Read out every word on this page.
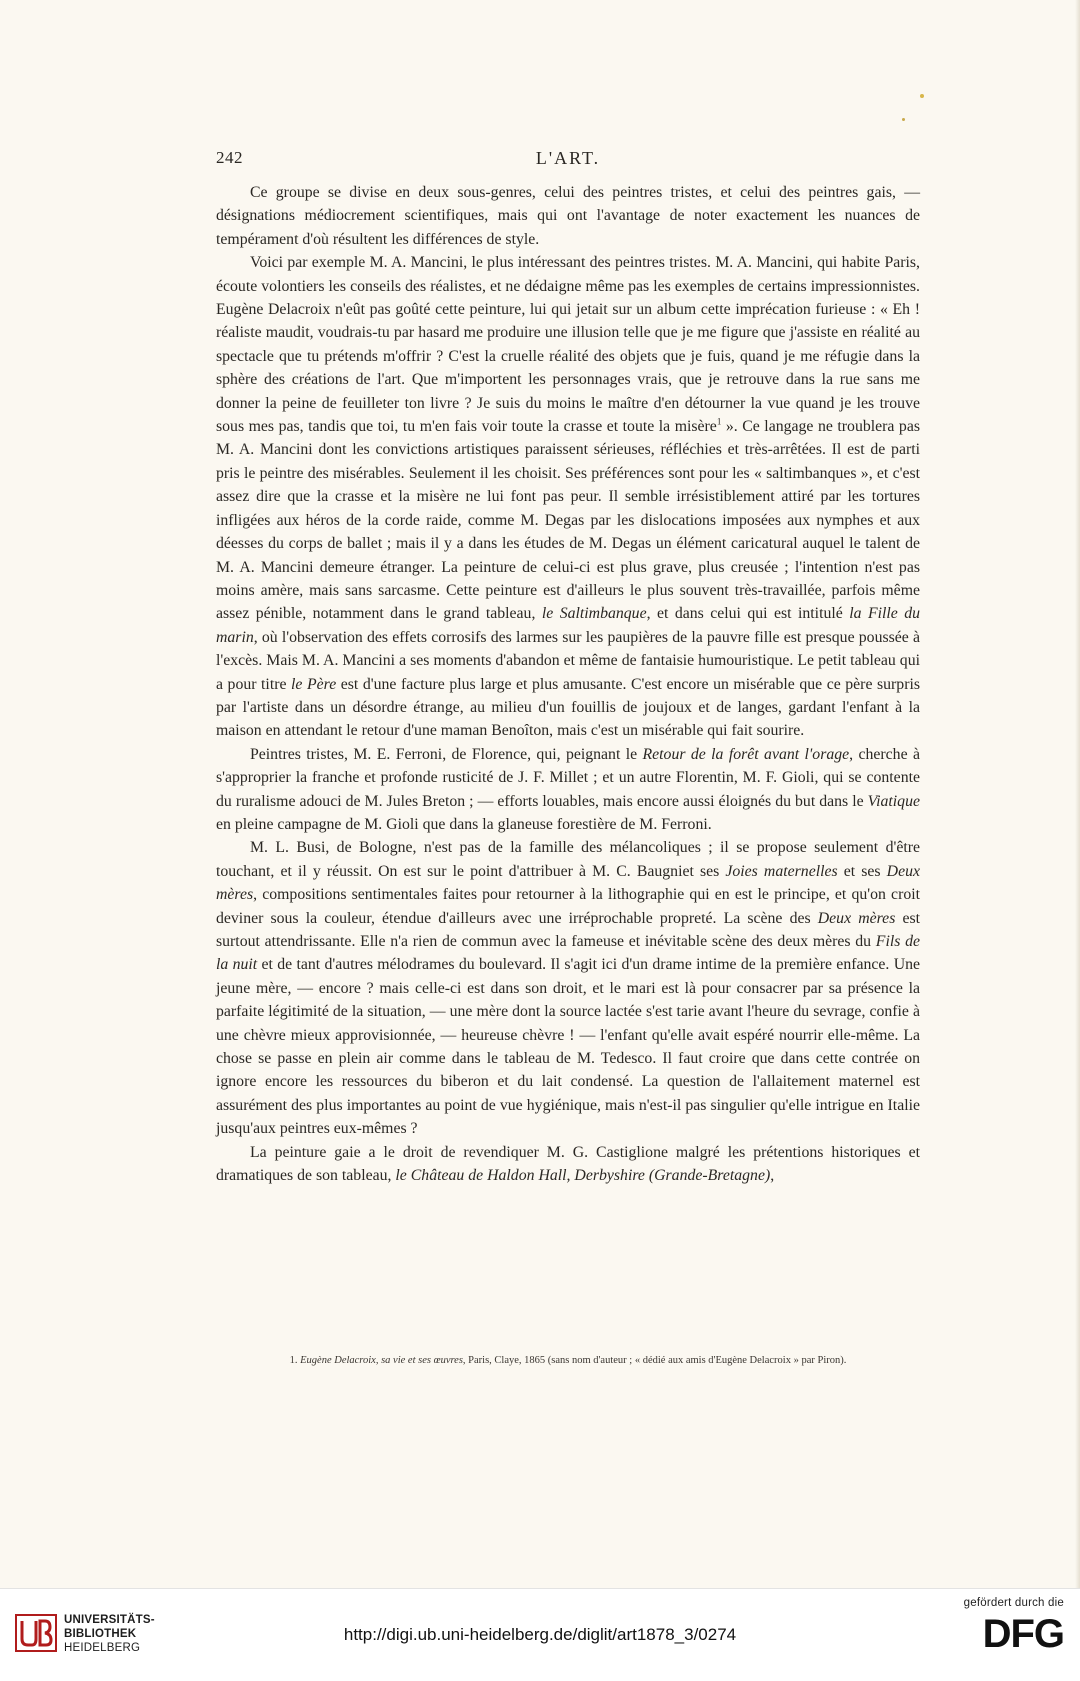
242	L'ART.

Ce groupe se divise en deux sous-genres, celui des peintres tristes, et celui des peintres gais, — désignations médiocrement scientifiques, mais qui ont l'avantage de noter exactement les nuances de tempérament d'où résultent les différences de style.

Voici par exemple M. A. Mancini, le plus intéressant des peintres tristes. M. A. Mancini, qui habite Paris, écoute volontiers les conseils des réalistes, et ne dédaigne même pas les exemples de certains impressionnistes. Eugène Delacroix n'eût pas goûté cette peinture, lui qui jetait sur un album cette imprécation furieuse : « Eh ! réaliste maudit, voudrais-tu par hasard me produire une illusion telle que je me figure que j'assiste en réalité au spectacle que tu prétends m'offrir ? C'est la cruelle réalité des objets que je fuis, quand je me réfugie dans la sphère des créations de l'art. Que m'importent les personnages vrais, que je retrouve dans la rue sans me donner la peine de feuilleter ton livre ? Je suis du moins le maître d'en détourner la vue quand je les trouve sous mes pas, tandis que toi, tu m'en fais voir toute la crasse et toute la misère$^1$ ». Ce langage ne troublera pas M. A. Mancini dont les convictions artistiques paraissent sérieuses, réfléchies et très-arrêtées. Il est de parti pris le peintre des misérables. Seulement il les choisit. Ses préférences sont pour les « saltimbanques », et c'est assez dire que la crasse et la misère ne lui font pas peur. Il semble irrésistiblement attiré par les tortures infligées aux héros de la corde raide, comme M. Degas par les dislocations imposées aux nymphes et aux déesses du corps de ballet ; mais il y a dans les études de M. Degas un élément caricatural auquel le talent de M. A. Mancini demeure étranger. La peinture de celui-ci est plus grave, plus creusée ; l'intention n'est pas moins amère, mais sans sarcasme. Cette peinture est d'ailleurs le plus souvent très-travaillée, parfois même assez pénible, notamment dans le grand tableau, le Saltimbanque, et dans celui qui est intitulé la Fille du marin, où l'observation des effets corrosifs des larmes sur les paupières de la pauvre fille est presque poussée à l'excès. Mais M. A. Mancini a ses moments d'abandon et même de fantaisie humouristique. Le petit tableau qui a pour titre le Père est d'une facture plus large et plus amusante. C'est encore un misérable que ce père surpris par l'artiste dans un désordre étrange, au milieu d'un fouillis de joujoux et de langes, gardant l'enfant à la maison en attendant le retour d'une maman Benoîton, mais c'est un misérable qui fait sourire.

Peintres tristes, M. E. Ferroni, de Florence, qui, peignant le Retour de la forêt avant l'orage, cherche à s'approprier la franche et profonde rusticité de J. F. Millet ; et un autre Florentin, M. F. Gioli, qui se contente du ruralisme adouci de M. Jules Breton ; — efforts louables, mais encore aussi éloignés du but dans le Viatique en pleine campagne de M. Gioli que dans la glaneuse forestière de M. Ferroni.

M. L. Busi, de Bologne, n'est pas de la famille des mélancoliques ; il se propose seulement d'être touchant, et il y réussit. On est sur le point d'attribuer à M. C. Baugniet ses Joies maternelles et ses Deux mères, compositions sentimentales faites pour retourner à la lithographie qui en est le principe, et qu'on croit deviner sous la couleur, étendue d'ailleurs avec une irréprochable propreté. La scène des Deux mères est surtout attendrissante. Elle n'a rien de commun avec la fameuse et inévitable scène des deux mères du Fils de la nuit et de tant d'autres mélodrames du boulevard. Il s'agit ici d'un drame intime de la première enfance. Une jeune mère, — encore ? mais celle-ci est dans son droit, et le mari est là pour consacrer par sa présence la parfaite légitimité de la situation, — une mère dont la source lactée s'est tarie avant l'heure du sevrage, confie à une chèvre mieux approvisionnée, — heureuse chèvre ! — l'enfant qu'elle avait espéré nourrir elle-même. La chose se passe en plein air comme dans le tableau de M. Tedesco. Il faut croire que dans cette contrée on ignore encore les ressources du biberon et du lait condensé. La question de l'allaitement maternel est assurément des plus importantes au point de vue hygiénique, mais n'est-il pas singulier qu'elle intrigue en Italie jusqu'aux peintres eux-mêmes ?

La peinture gaie a le droit de revendiquer M. G. Castiglione malgré les prétentions historiques et dramatiques de son tableau, le Château de Haldon Hall, Derbyshire (Grande-Bretagne),

1. Eugène Delacroix, sa vie et ses œuvres, Paris, Claye, 1865 (sans nom d'auteur ; « dédié aux amis d'Eugène Delacroix » par Piron).
UNIVERSITÄTS-
BIBLIOTHEK
HEIDELBERG
http://digi.ub.uni-heidelberg.de/diglit/art1878_3/0274
gefördert durch die
DFG
